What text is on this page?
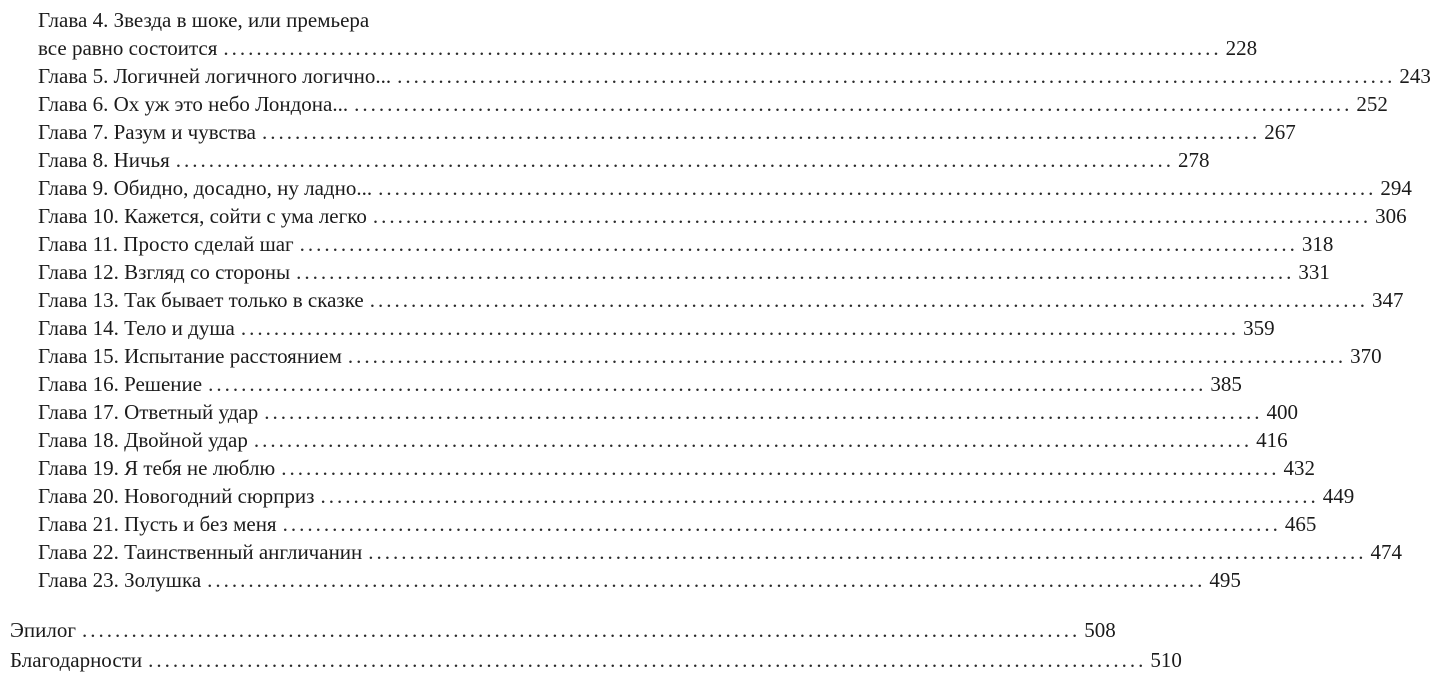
Глава 4. Звезда в шоке, или премьера
все равно состоится ......................................................................................................................... 228
Глава 5. Логичней логичного логично... ......................................................................................................................... 243
Глава 6. Ох уж это небо Лондона... ......................................................................................................................... 252
Глава 7. Разум и чувства ......................................................................................................................... 267
Глава 8. Ничья ......................................................................................................................... 278
Глава 9. Обидно, досадно, ну ладно... ......................................................................................................................... 294
Глава 10. Кажется, сойти с ума легко ......................................................................................................................... 306
Глава 11. Просто сделай шаг ......................................................................................................................... 318
Глава 12. Взгляд со стороны ......................................................................................................................... 331
Глава 13. Так бывает только в сказке ......................................................................................................................... 347
Глава 14. Тело и душа ......................................................................................................................... 359
Глава 15. Испытание расстоянием ......................................................................................................................... 370
Глава 16. Решение ......................................................................................................................... 385
Глава 17. Ответный удар ......................................................................................................................... 400
Глава 18. Двойной удар ......................................................................................................................... 416
Глава 19. Я тебя не люблю ......................................................................................................................... 432
Глава 20. Новогодний сюрприз ......................................................................................................................... 449
Глава 21. Пусть и без меня ......................................................................................................................... 465
Глава 22. Таинственный англичанин ......................................................................................................................... 474
Глава 23. Золушка ......................................................................................................................... 495
Эпилог ......................................................................................................................... 508
Благодарности ......................................................................................................................... 510
